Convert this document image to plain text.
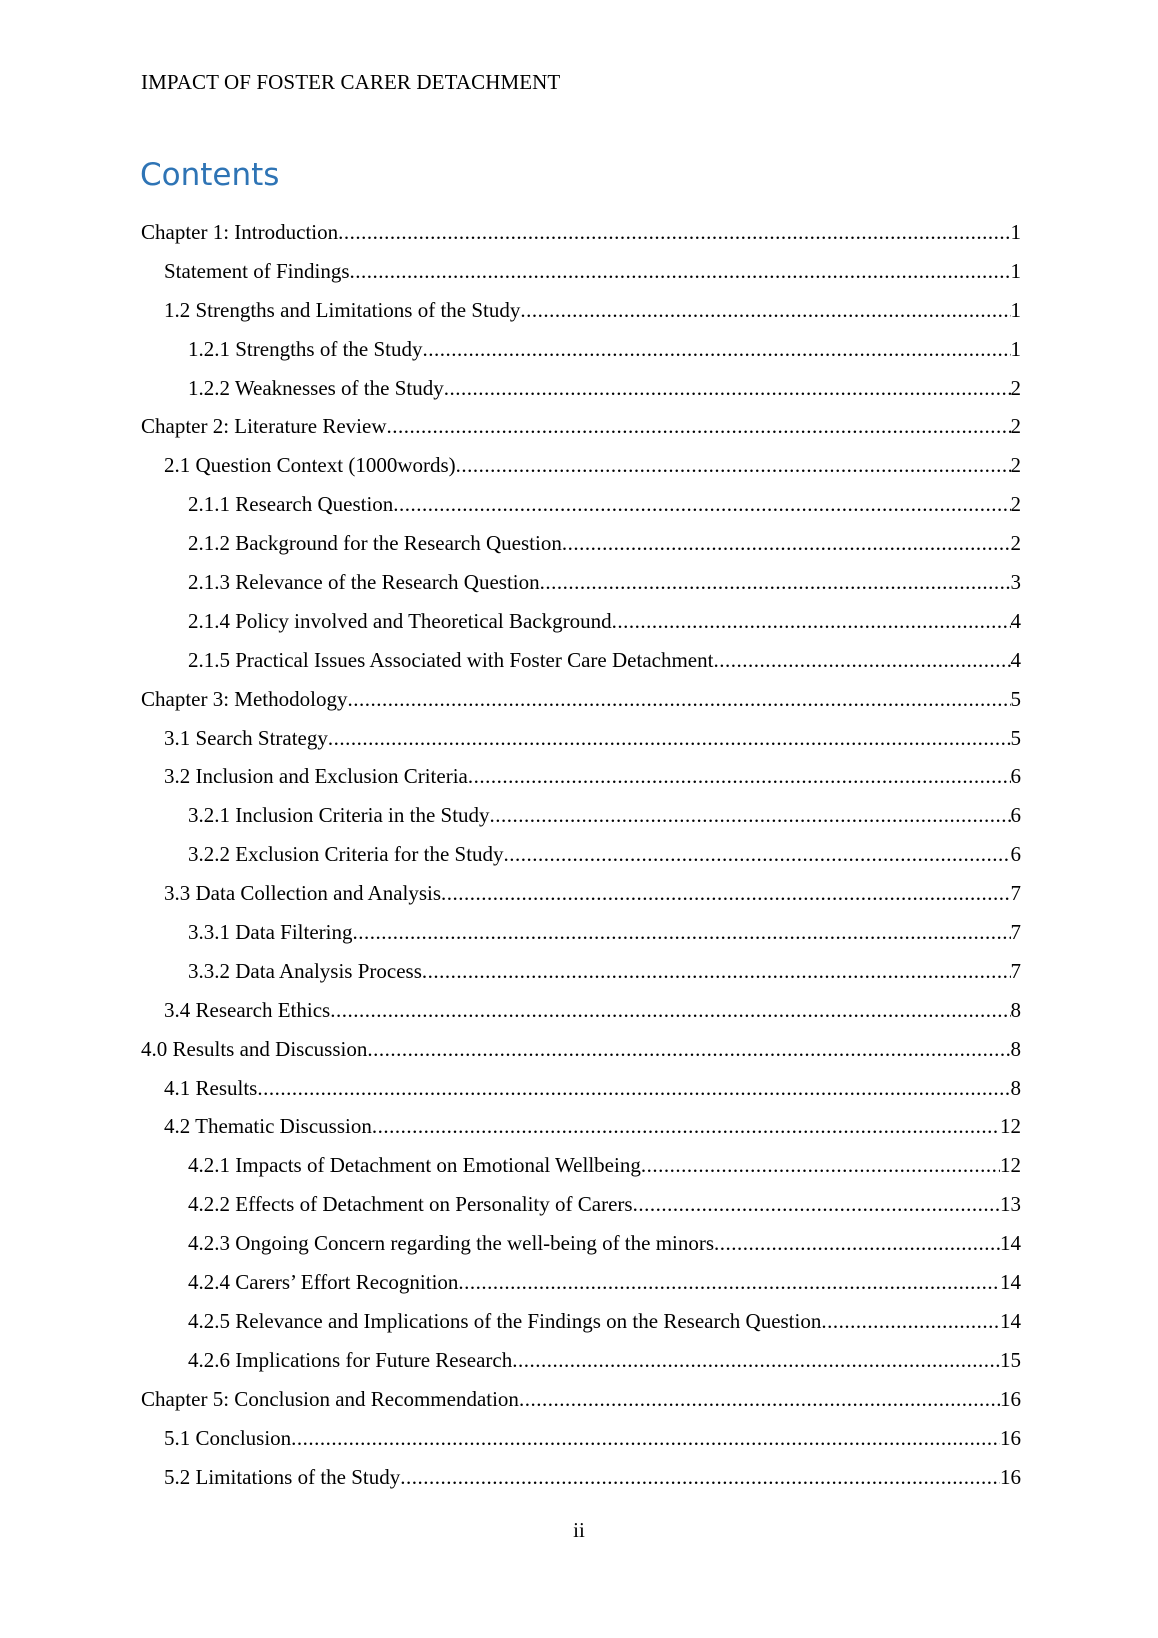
IMPACT OF FOSTER CARER DETACHMENT
Contents
Chapter 1: Introduction .....	1
Statement of Findings .....	1
1.2 Strengths and Limitations of the Study .....	1
1.2.1 Strengths of the Study .....	1
1.2.2 Weaknesses of the Study .....	2
Chapter 2: Literature Review .....	2
2.1 Question Context (1000words) .....	2
2.1.1 Research Question .....	2
2.1.2 Background for the Research Question .....	2
2.1.3 Relevance of the Research Question .....	3
2.1.4 Policy involved and Theoretical Background .....	4
2.1.5 Practical Issues Associated with Foster Care Detachment .....	4
Chapter 3: Methodology .....	5
3.1 Search Strategy .....	5
3.2 Inclusion and Exclusion Criteria .....	6
3.2.1 Inclusion Criteria in the Study .....	6
3.2.2 Exclusion Criteria for the Study .....	6
3.3 Data Collection and Analysis .....	7
3.3.1 Data Filtering .....	7
3.3.2 Data Analysis Process .....	7
3.4 Research Ethics .....	8
4.0 Results and Discussion .....	8
4.1 Results .....	8
4.2 Thematic Discussion .....	12
4.2.1 Impacts of Detachment on Emotional Wellbeing .....	12
4.2.2 Effects of Detachment on Personality of Carers .....	13
4.2.3 Ongoing Concern regarding the well-being of the minors .....	14
4.2.4 Carers’ Effort Recognition .....	14
4.2.5 Relevance and Implications of the Findings on the Research Question .....	14
4.2.6 Implications for Future Research .....	15
Chapter 5: Conclusion and Recommendation .....	16
5.1 Conclusion .....	16
5.2 Limitations of the Study .....	16
ii
